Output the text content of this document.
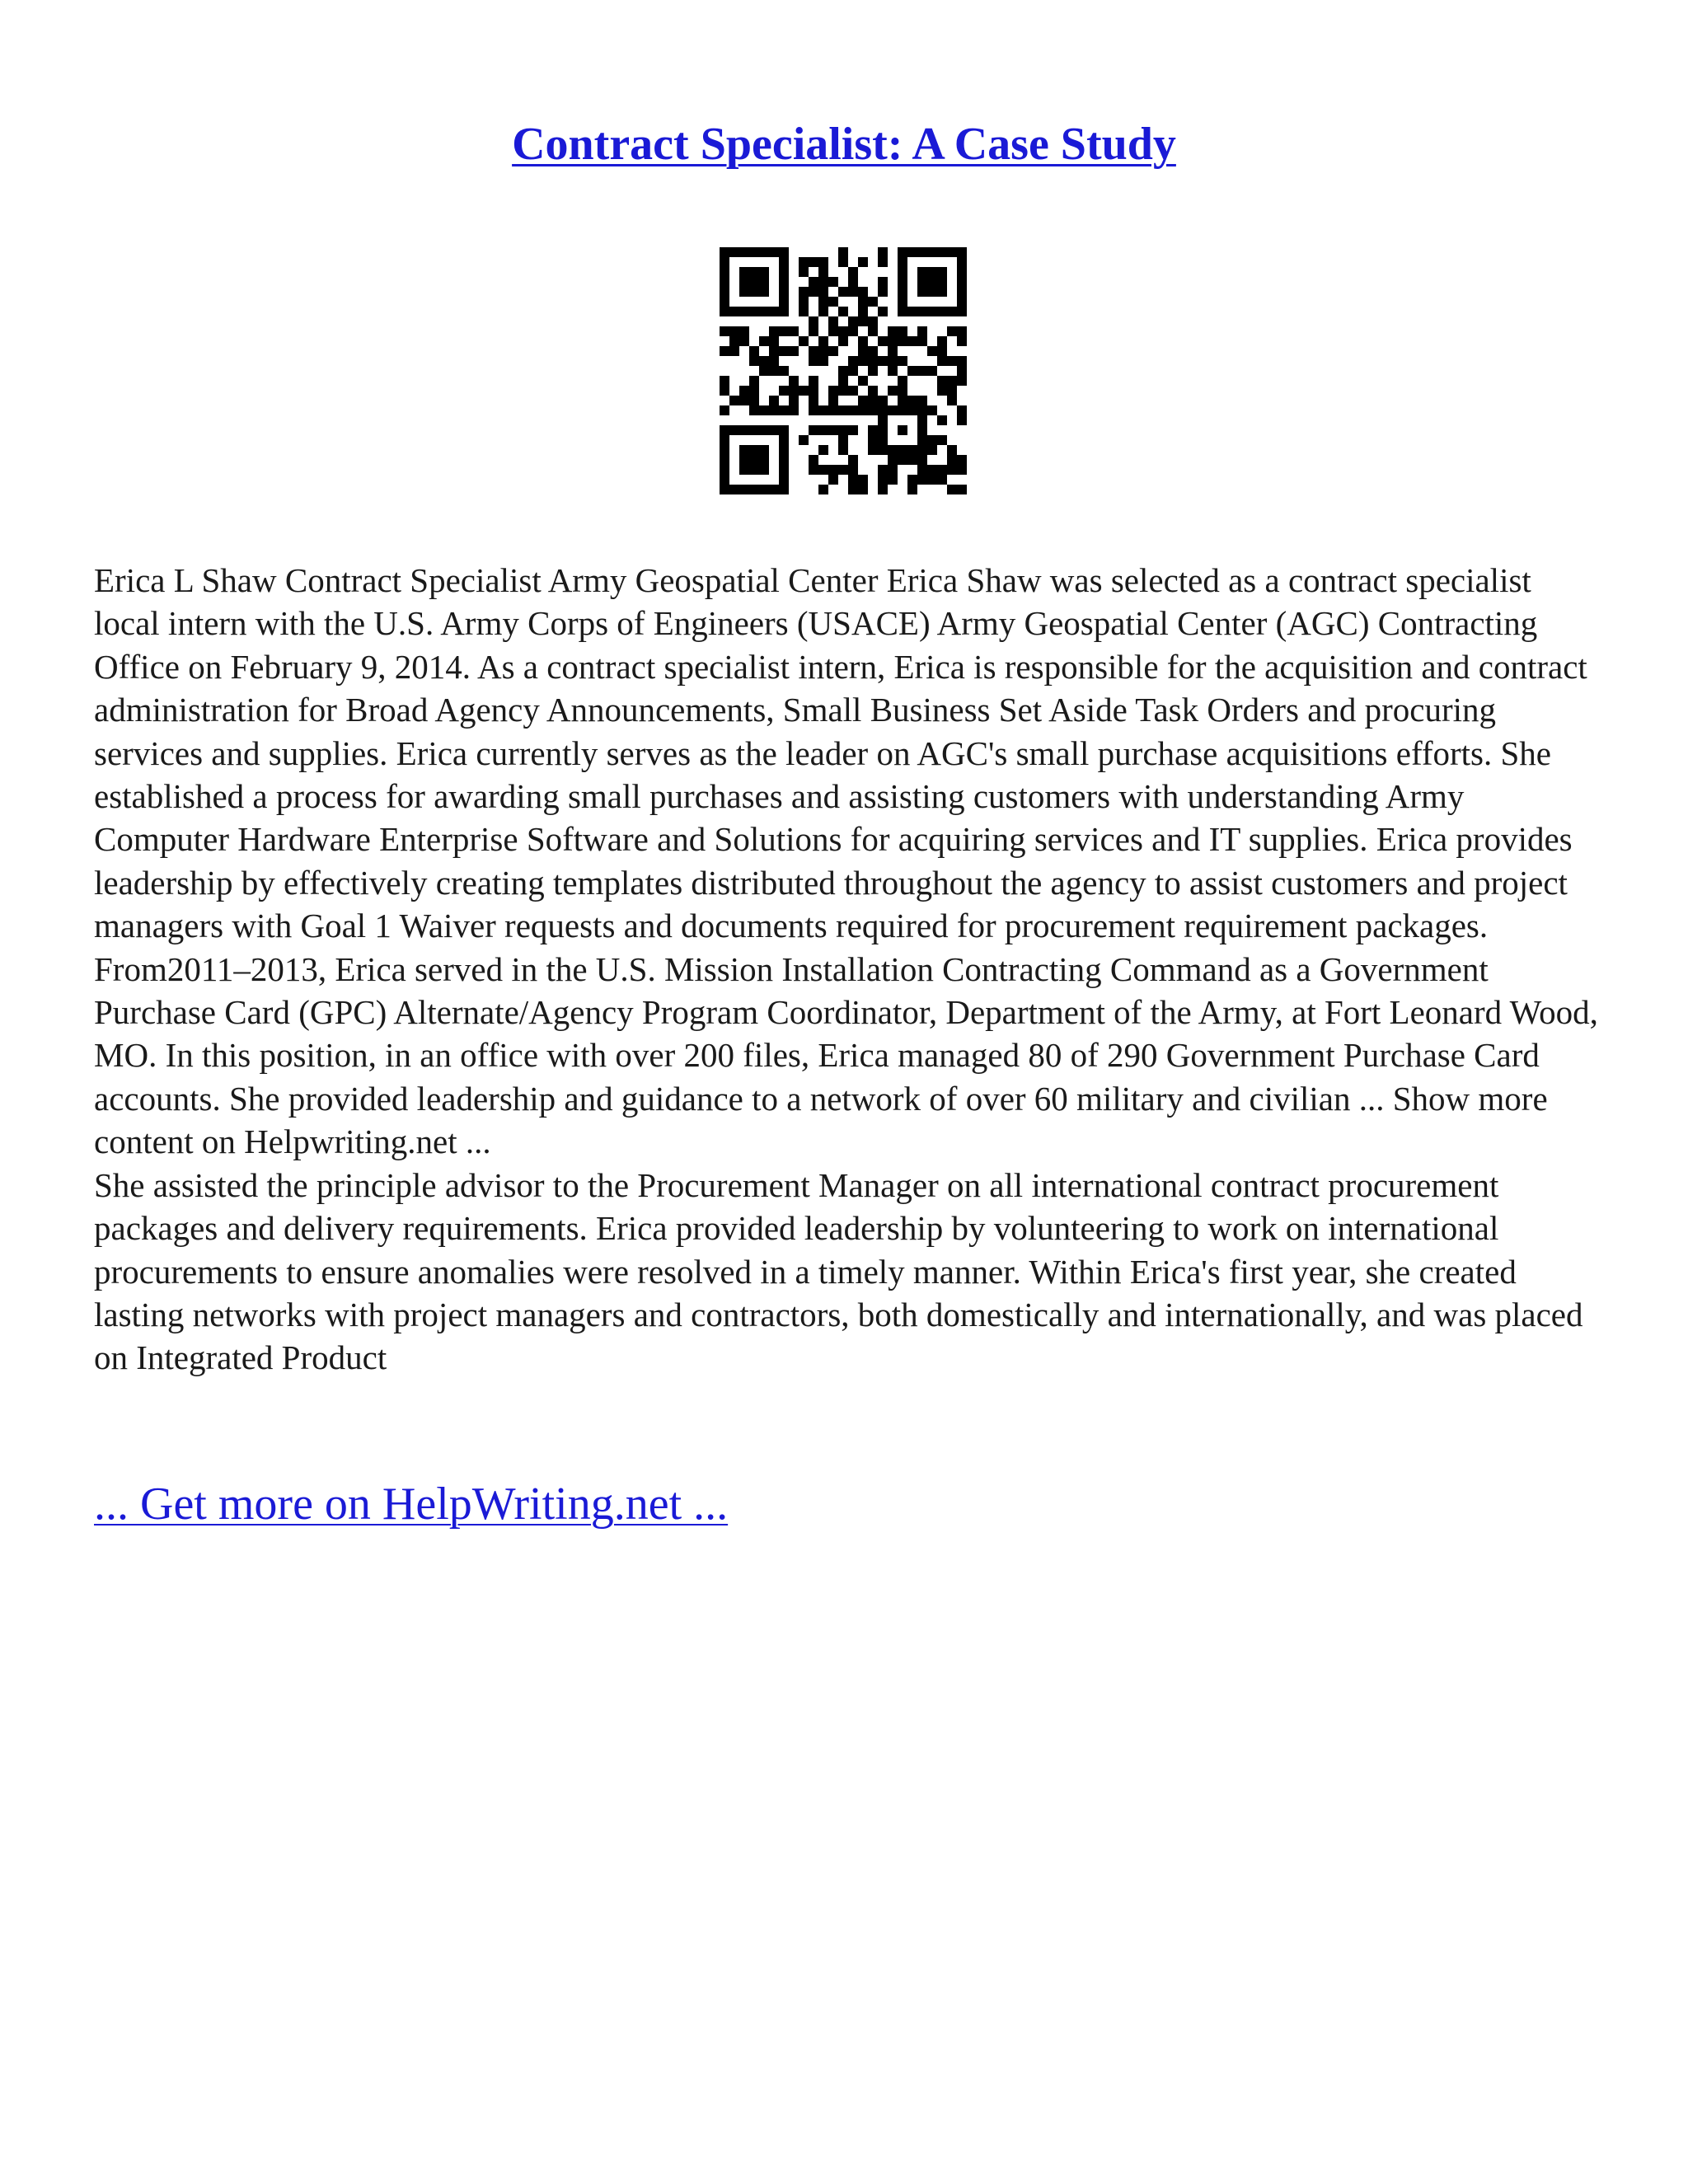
Contract Specialist: A Case Study

Erica L Shaw Contract Specialist Army Geospatial Center Erica Shaw was selected as a contract specialist local intern with the U.S. Army Corps of Engineers (USACE) Army Geospatial Center (AGC) Contracting Office on February 9, 2014. As a contract specialist intern, Erica is responsible for the acquisition and contract administration for Broad Agency Announcements, Small Business Set Aside Task Orders and procuring services and supplies. Erica currently serves as the leader on AGC's small purchase acquisitions efforts. She established a process for awarding small purchases and assisting customers with understanding Army Computer Hardware Enterprise Software and Solutions for acquiring services and IT supplies. Erica provides leadership by effectively creating templates distributed throughout the agency to assist customers and project managers with Goal 1 Waiver requests and documents required for procurement requirement packages. From2011–2013, Erica served in the U.S. Mission Installation Contracting Command as a Government Purchase Card (GPC) Alternate/Agency Program Coordinator, Department of the Army, at Fort Leonard Wood, MO. In this position, in an office with over 200 files, Erica managed 80 of 290 Government Purchase Card accounts. She provided leadership and guidance to a network of over 60 military and civilian ... Show more content on Helpwriting.net ...

She assisted the principle advisor to the Procurement Manager on all international contract procurement packages and delivery requirements. Erica provided leadership by volunteering to work on international procurements to ensure anomalies were resolved in a timely manner. Within Erica's first year, she created lasting networks with project managers and contractors, both domestically and internationally, and was placed on Integrated Product

... Get more on HelpWriting.net ...
